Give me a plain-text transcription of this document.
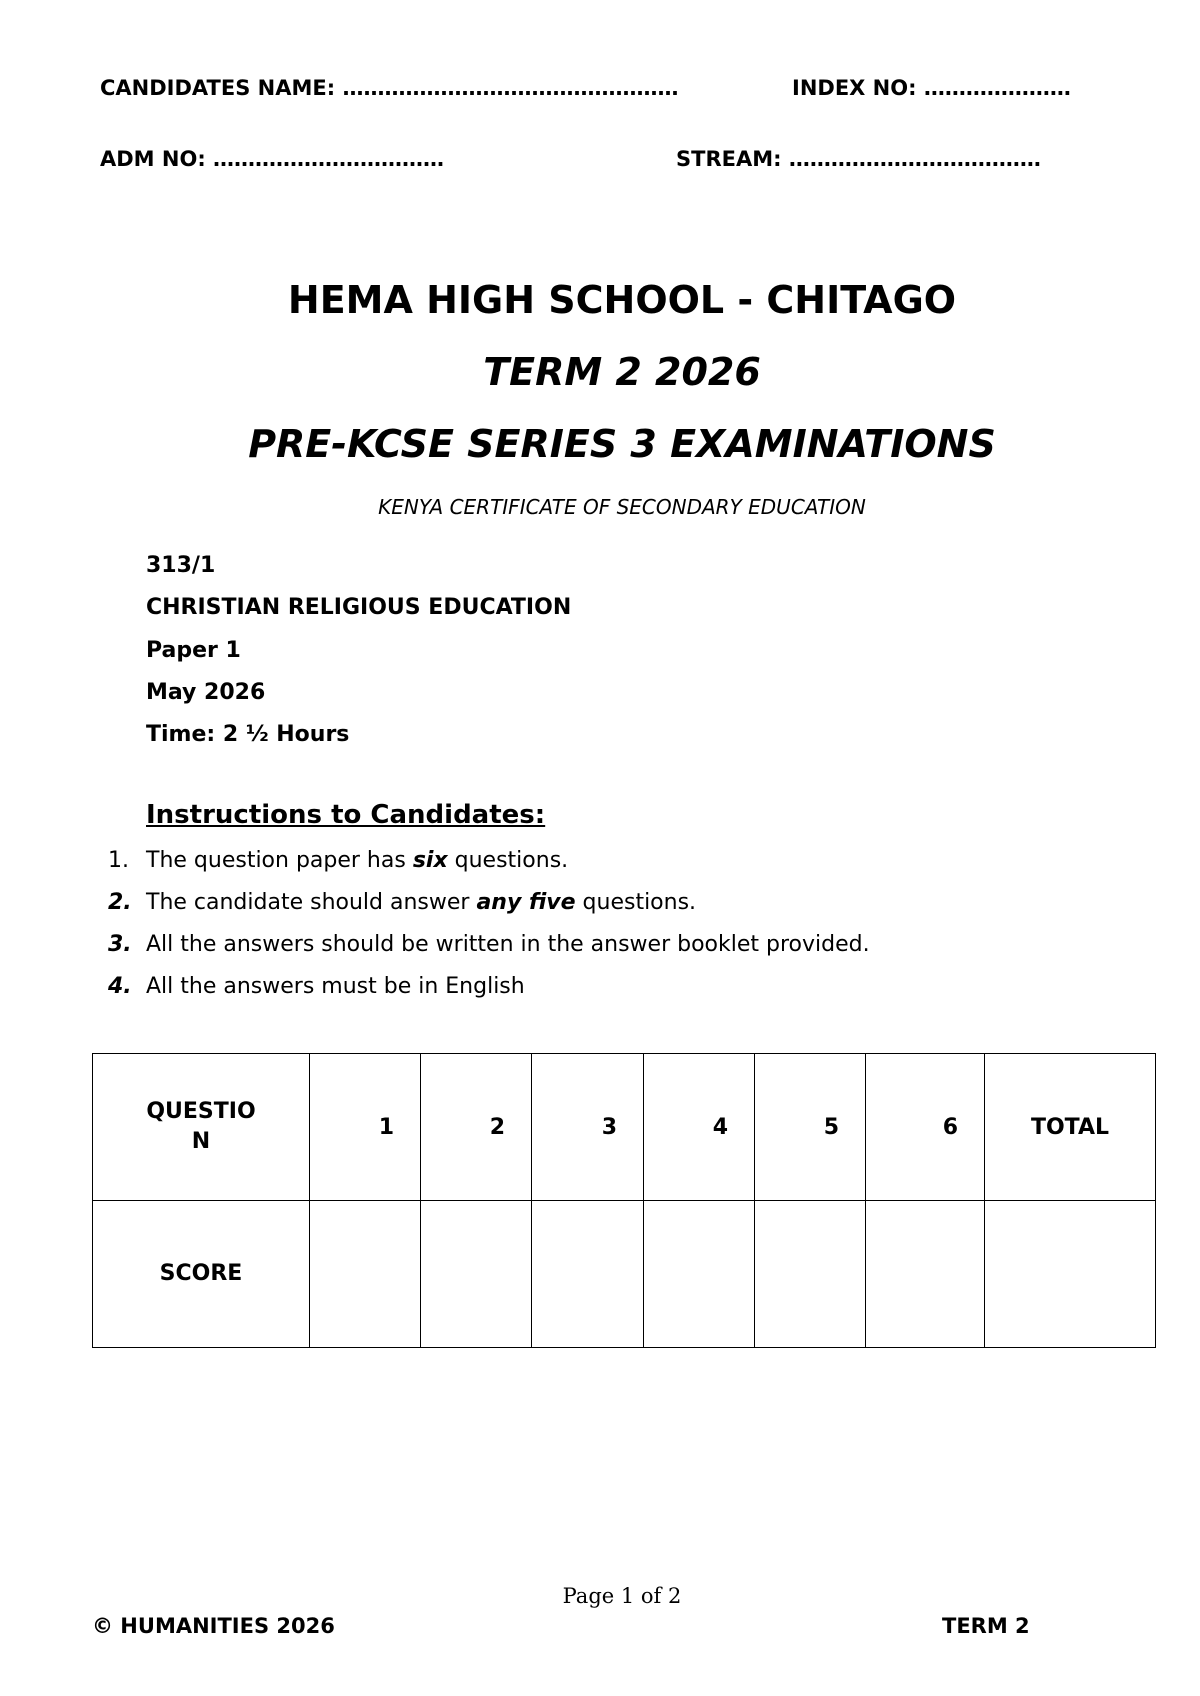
CANDIDATES NAME: …………………………………………	INDEX NO: …………………
ADM NO: ……………………………	STREAM: ………………………………
HEMA HIGH SCHOOL - CHITAGO
TERM 2 2026
PRE-KCSE SERIES 3 EXAMINATIONS
KENYA CERTIFICATE OF SECONDARY EDUCATION
313/1
CHRISTIAN RELIGIOUS EDUCATION
Paper 1
May 2026
Time: 2 ½ Hours
Instructions to Candidates:
1. The question paper has six questions.
2. The candidate should answer any five questions.
3. All the answers should be written in the answer booklet provided.
4. All the answers must be in English
QUESTIO
N	1	2	3	4	5	6	TOTAL
SCORE							
Page 1 of 2
© HUMANITIES 2026	TERM 2
